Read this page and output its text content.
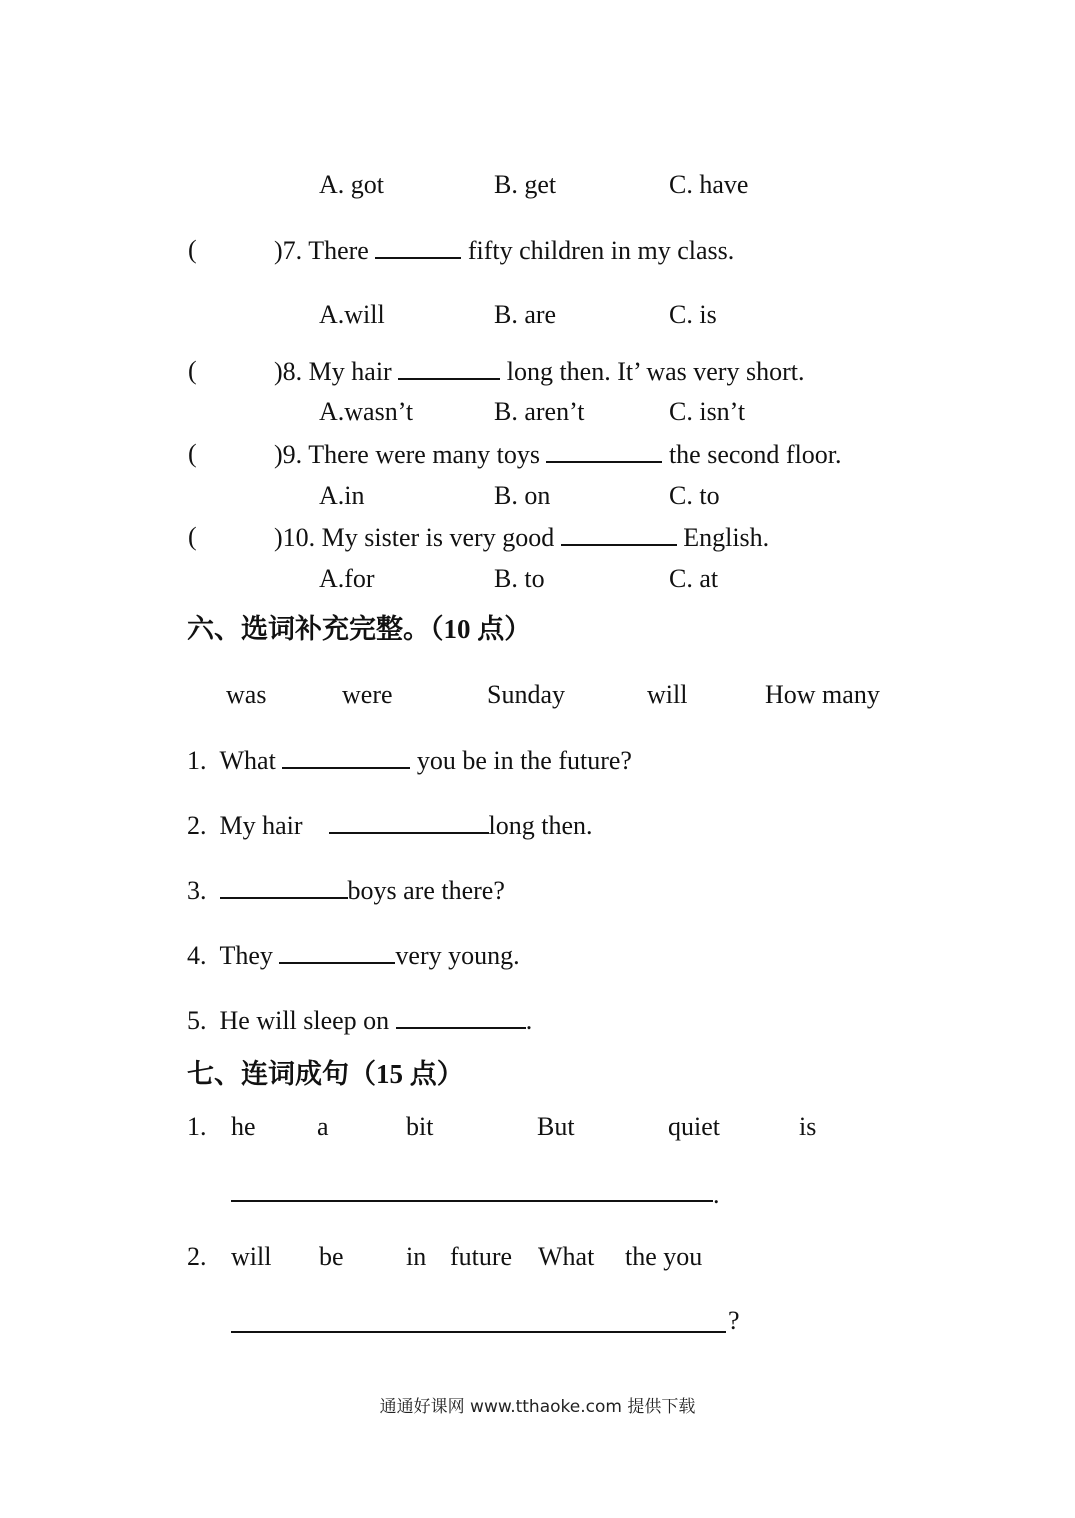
A. got	B. get	C. have
(	)7. There	fifty children in my class.
A.will	B. are	C. is
(	)8. My hair	long then. It’ was very short.
A.wasn’t	B. aren’t	C. isn’t
(	)9. There were many toys	the second floor.
A.in	B. on	C. to
(	)10. My sister is very good	English.
A.for	B. to	C. at
六、选词补充完整。（10 点）
was	were	Sunday	will	How many
1. What	you be in the future?
2. My hair	long then.
3.	boys are there?
4. They	very young.
5. He will sleep on	.
七、连词成句（15 点）
1. he a	bit	But	quiet	is
.
2. will be in future What the you
?
通通好课网 www.tthaoke.com 提供下载
